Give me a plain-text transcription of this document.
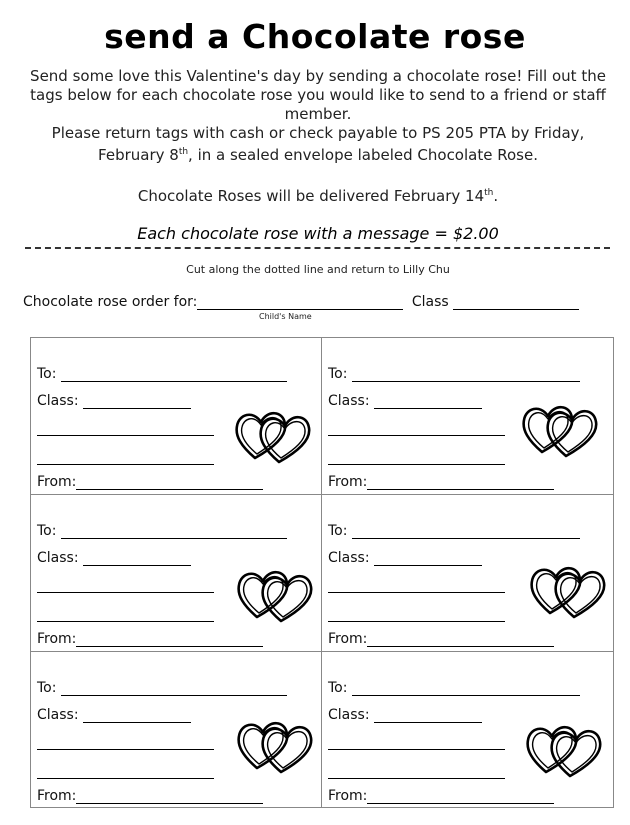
send a Chocolate rose

Send some love this Valentine's day by sending a chocolate rose! Fill out the tags below for each chocolate rose you would like to send to a friend or staff member.

Please return tags with cash or check payable to PS 205 PTA by Friday, February 8th, in a sealed envelope labeled Chocolate Rose.

Chocolate Roses will be delivered February 14th.

Each chocolate rose with a message = $2.00
Cut along the dotted line and return to Lilly Chu
Chocolate rose order for:	Class
Child's Name
To:
Class:
From:
To:
Class:
From:
To:
Class:
From:
To:
Class:
From:
To:
Class:
From:
To:
Class:
From:
